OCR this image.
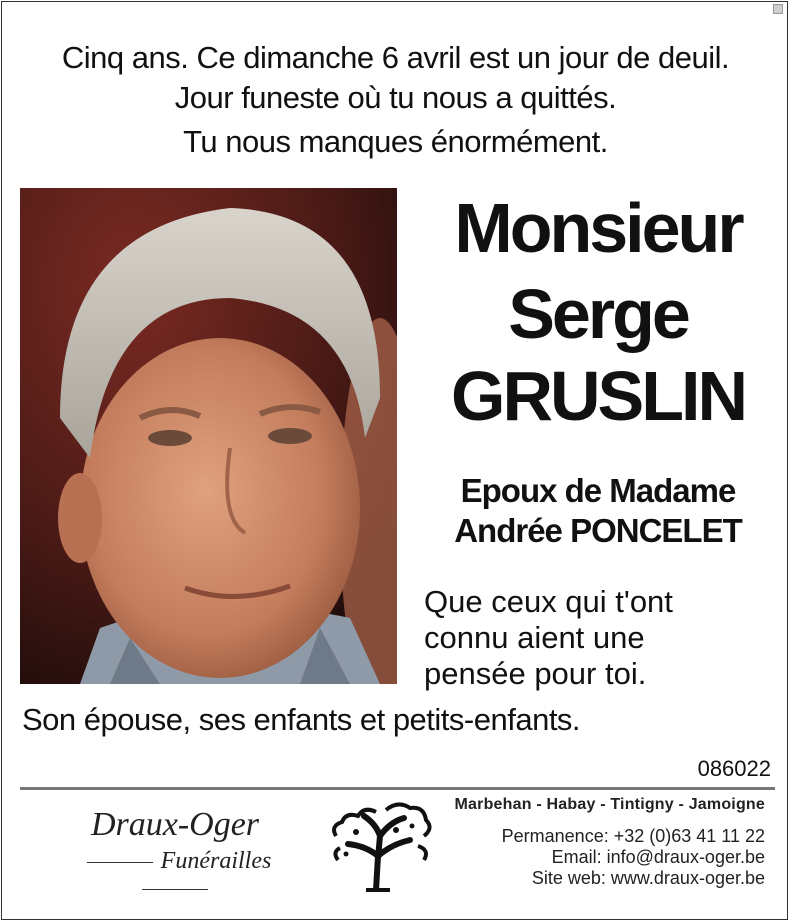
Cinq ans. Ce dimanche 6 avril est un jour de deuil.
Jour funeste où tu nous a quittés.
Tu nous manques énormément.
Monsieur
Serge
GRUSLIN
Epoux de Madame
Andrée PONCELET
Que ceux qui t'ont
connu aient une
pensée pour toi.
Son épouse, ses enfants et petits-enfants.
086022
Draux-Oger
Funérailles
Marbehan - Habay - Tintigny - Jamoigne
Permanence: +32 (0)63 41 11 22
Email: info@draux-oger.be
Site web: www.draux-oger.be
